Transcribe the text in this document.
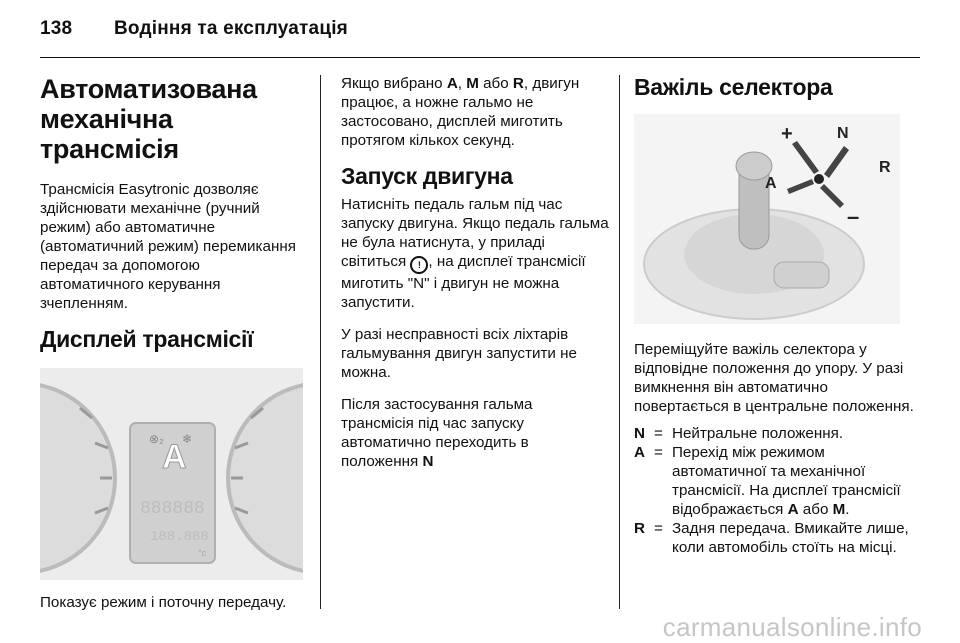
138 Водіння та експлуатація
Автоматизована механічна трансмісія

Трансмісія Easytronic дозволяє здійснювати механічне (ручний режим) або автоматичне (автоматичний режим) перемикання передач за допомогою автоматичного керування зчепленням.

Дисплей трансмісії
⊗₂ ❄
A
888888
188.888
°c

Показує режим і поточну передачу.

Якщо вибрано A, M або R, двигун працює, а ножне гальмо не застосовано, дисплей миготить протягом кількох секунд.

Запуск двигуна

Натисніть педаль гальм під час запуску двигуна. Якщо педаль гальма не була натиснута, у приладі світиться ! , на дисплеї трансмісії миготить "N" і двигун не можна запустити.

У разі несправності всіх ліхтарів гальмування двигун запустити не можна.

Після застосування гальма трансмісія під час запуску автоматично переходить в положення N

Важіль селектора
+	N
R
A
–

Переміщуйте важіль селектора у відповідне положення до упору. У разі вимкнення він автоматично повертається в центральне положення.

N = Нейтральне положення.
A = Перехід між режимом автоматичної та механічної трансмісії. На дисплеї трансмісії відображається A або M.
R = Задня передача. Вмикайте лише, коли автомобіль стоїть на місці.
carmanualsonline.info
